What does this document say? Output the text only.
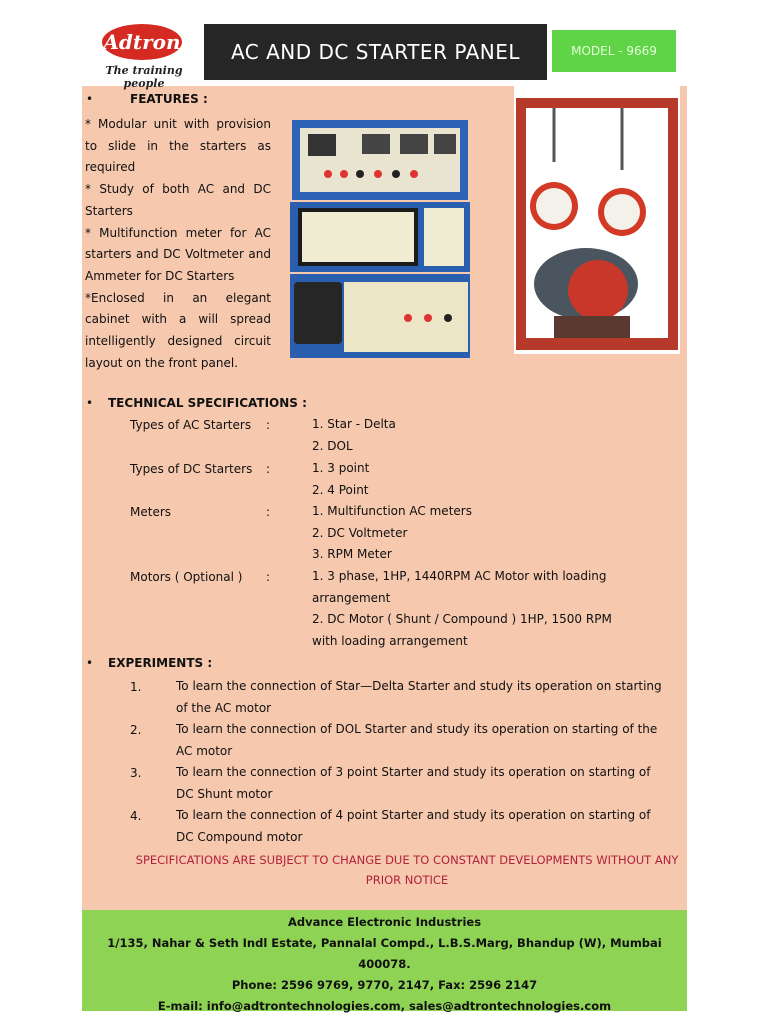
Adtron
The training people
AC AND DC STARTER PANEL	MODEL - 9669
•	FEATURES :

* Modular unit with provision to slide in the starters as required

* Study of both AC and DC Starters

* Multifunction meter for AC starters and DC Voltmeter and Ammeter for DC Starters

*Enclosed in an elegant cabinet with a will spread intelligently designed circuit layout on the front panel.

• TECHNICAL SPECIFICATIONS :
Types of AC Starters :	1. Star - Delta
2. DOL
Types of DC Starters :	1. 3 point
2. 4 Point
Meters	:	1. Multifunction AC meters
2. DC Voltmeter
3. RPM Meter
Motors ( Optional ) :	1. 3 phase, 1HP, 1440RPM AC Motor with loading arrangement
2. DC Motor ( Shunt / Compound ) 1HP, 1500 RPM with loading arrangement
• EXPERIMENTS :
1.	To learn the connection of Star—Delta Starter and study its operation on starting of the AC motor
2.	To learn the connection of DOL Starter and study its operation on starting of the AC motor
3.	To learn the connection of 3 point Starter and study its operation on starting of DC Shunt motor
4.	To learn the connection of 4 point Starter and study its operation on starting of DC Compound motor
SPECIFICATIONS ARE SUBJECT TO CHANGE DUE TO CONSTANT DEVELOPMENTS WITHOUT ANY PRIOR NOTICE
Advance Electronic Industries
1/135, Nahar & Seth Indl Estate, Pannalal Compd., L.B.S.Marg, Bhandup (W), Mumbai 400078.
Phone: 2596 9769, 9770, 2147, Fax: 2596 2147
E-mail: info@adtrontechnologies.com, sales@adtrontechnologies.com
